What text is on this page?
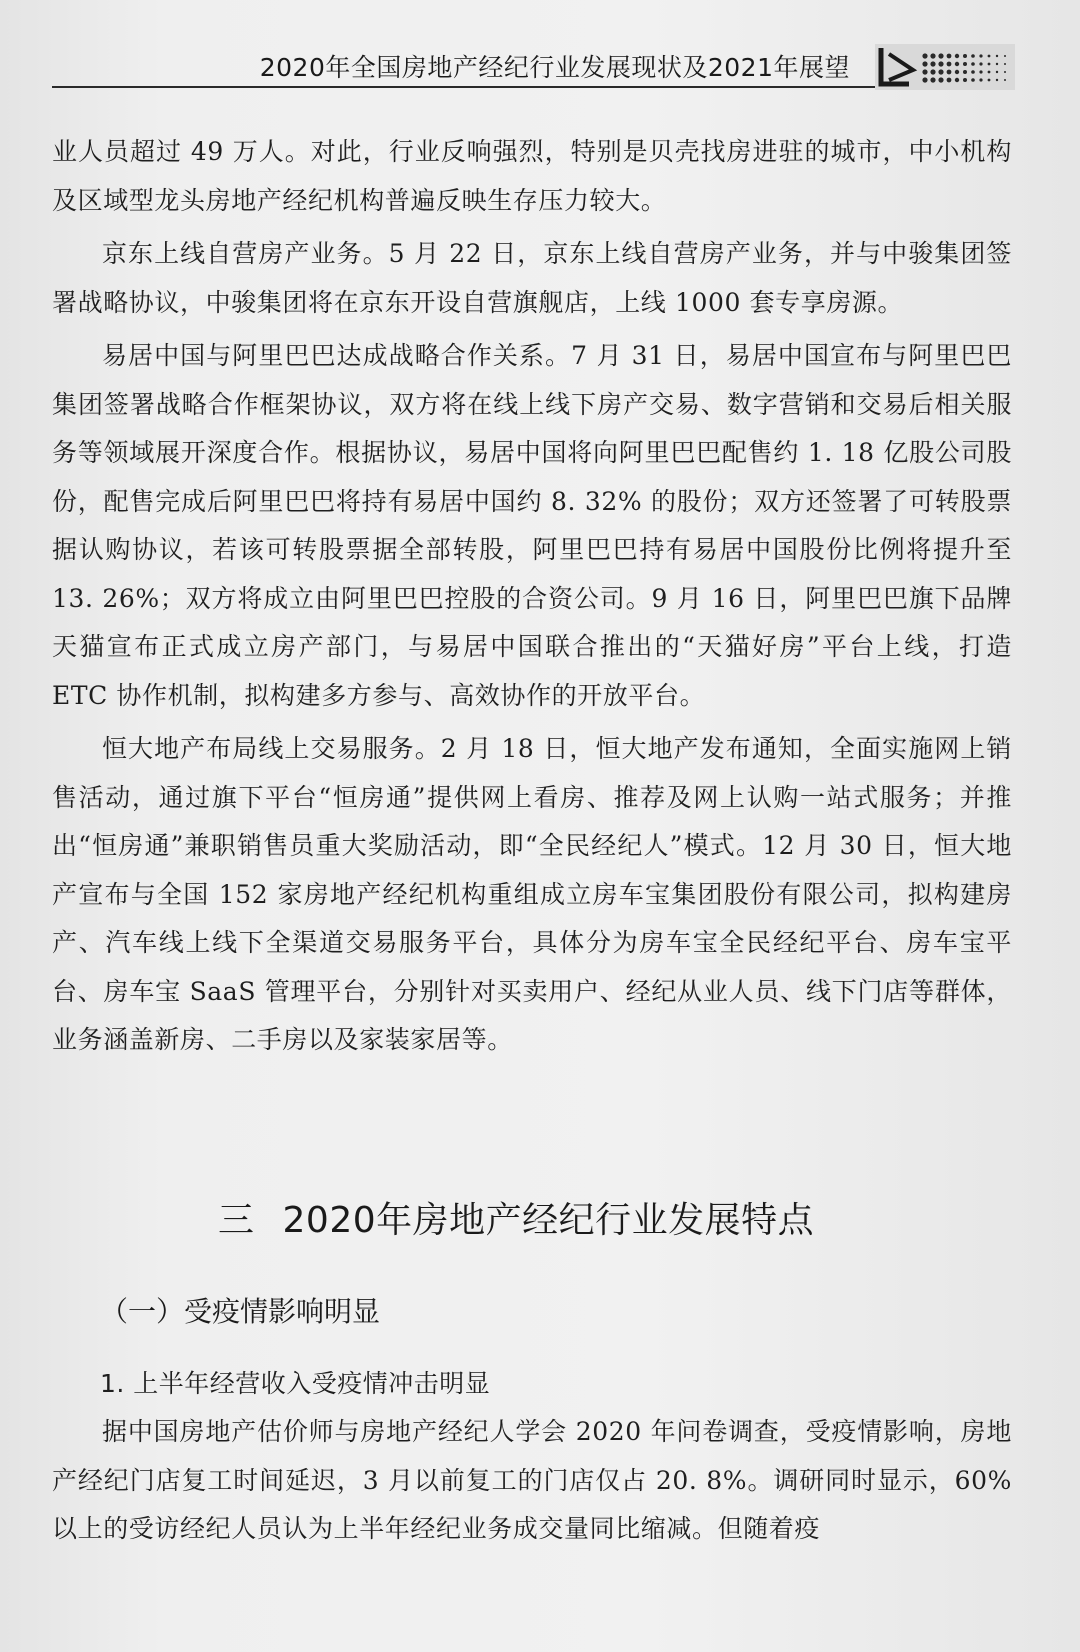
2020年全国房地产经纪行业发展现状及2021年展望

业人员超过 49 万人。对此，行业反响强烈，特别是贝壳找房进驻的城市，中小机构及区域型龙头房地产经纪机构普遍反映生存压力较大。

京东上线自营房产业务。5 月 22 日，京东上线自营房产业务，并与中骏集团签署战略协议，中骏集团将在京东开设自营旗舰店，上线 1000 套专享房源。

易居中国与阿里巴巴达成战略合作关系。7 月 31 日，易居中国宣布与阿里巴巴集团签署战略合作框架协议，双方将在线上线下房产交易、数字营销和交易后相关服务等领域展开深度合作。根据协议，易居中国将向阿里巴巴配售约 1. 18 亿股公司股份，配售完成后阿里巴巴将持有易居中国约 8. 32% 的股份；双方还签署了可转股票据认购协议，若该可转股票据全部转股，阿里巴巴持有易居中国股份比例将提升至 13. 26%；双方将成立由阿里巴巴控股的合资公司。9 月 16 日，阿里巴巴旗下品牌天猫宣布正式成立房产部门，与易居中国联合推出的“天猫好房”平台上线，打造 ETC 协作机制，拟构建多方参与、高效协作的开放平台。

恒大地产布局线上交易服务。2 月 18 日，恒大地产发布通知，全面实施网上销售活动，通过旗下平台“恒房通”提供网上看房、推荐及网上认购一站式服务；并推出“恒房通”兼职销售员重大奖励活动，即“全民经纪人”模式。12 月 30 日，恒大地产宣布与全国 152 家房地产经纪机构重组成立房车宝集团股份有限公司，拟构建房产、汽车线上线下全渠道交易服务平台，具体分为房车宝全民经纪平台、房车宝平台、房车宝 SaaS 管理平台，分别针对买卖用户、经纪从业人员、线下门店等群体，业务涵盖新房、二手房以及家装家居等。

三 2020年房地产经纪行业发展特点
（一）受疫情影响明显
1. 上半年经营收入受疫情冲击明显

据中国房地产估价师与房地产经纪人学会 2020 年问卷调查，受疫情影响，房地产经纪门店复工时间延迟，3 月以前复工的门店仅占 20. 8%。调研同时显示，60% 以上的受访经纪人员认为上半年经纪业务成交量同比缩减。但随着疫
